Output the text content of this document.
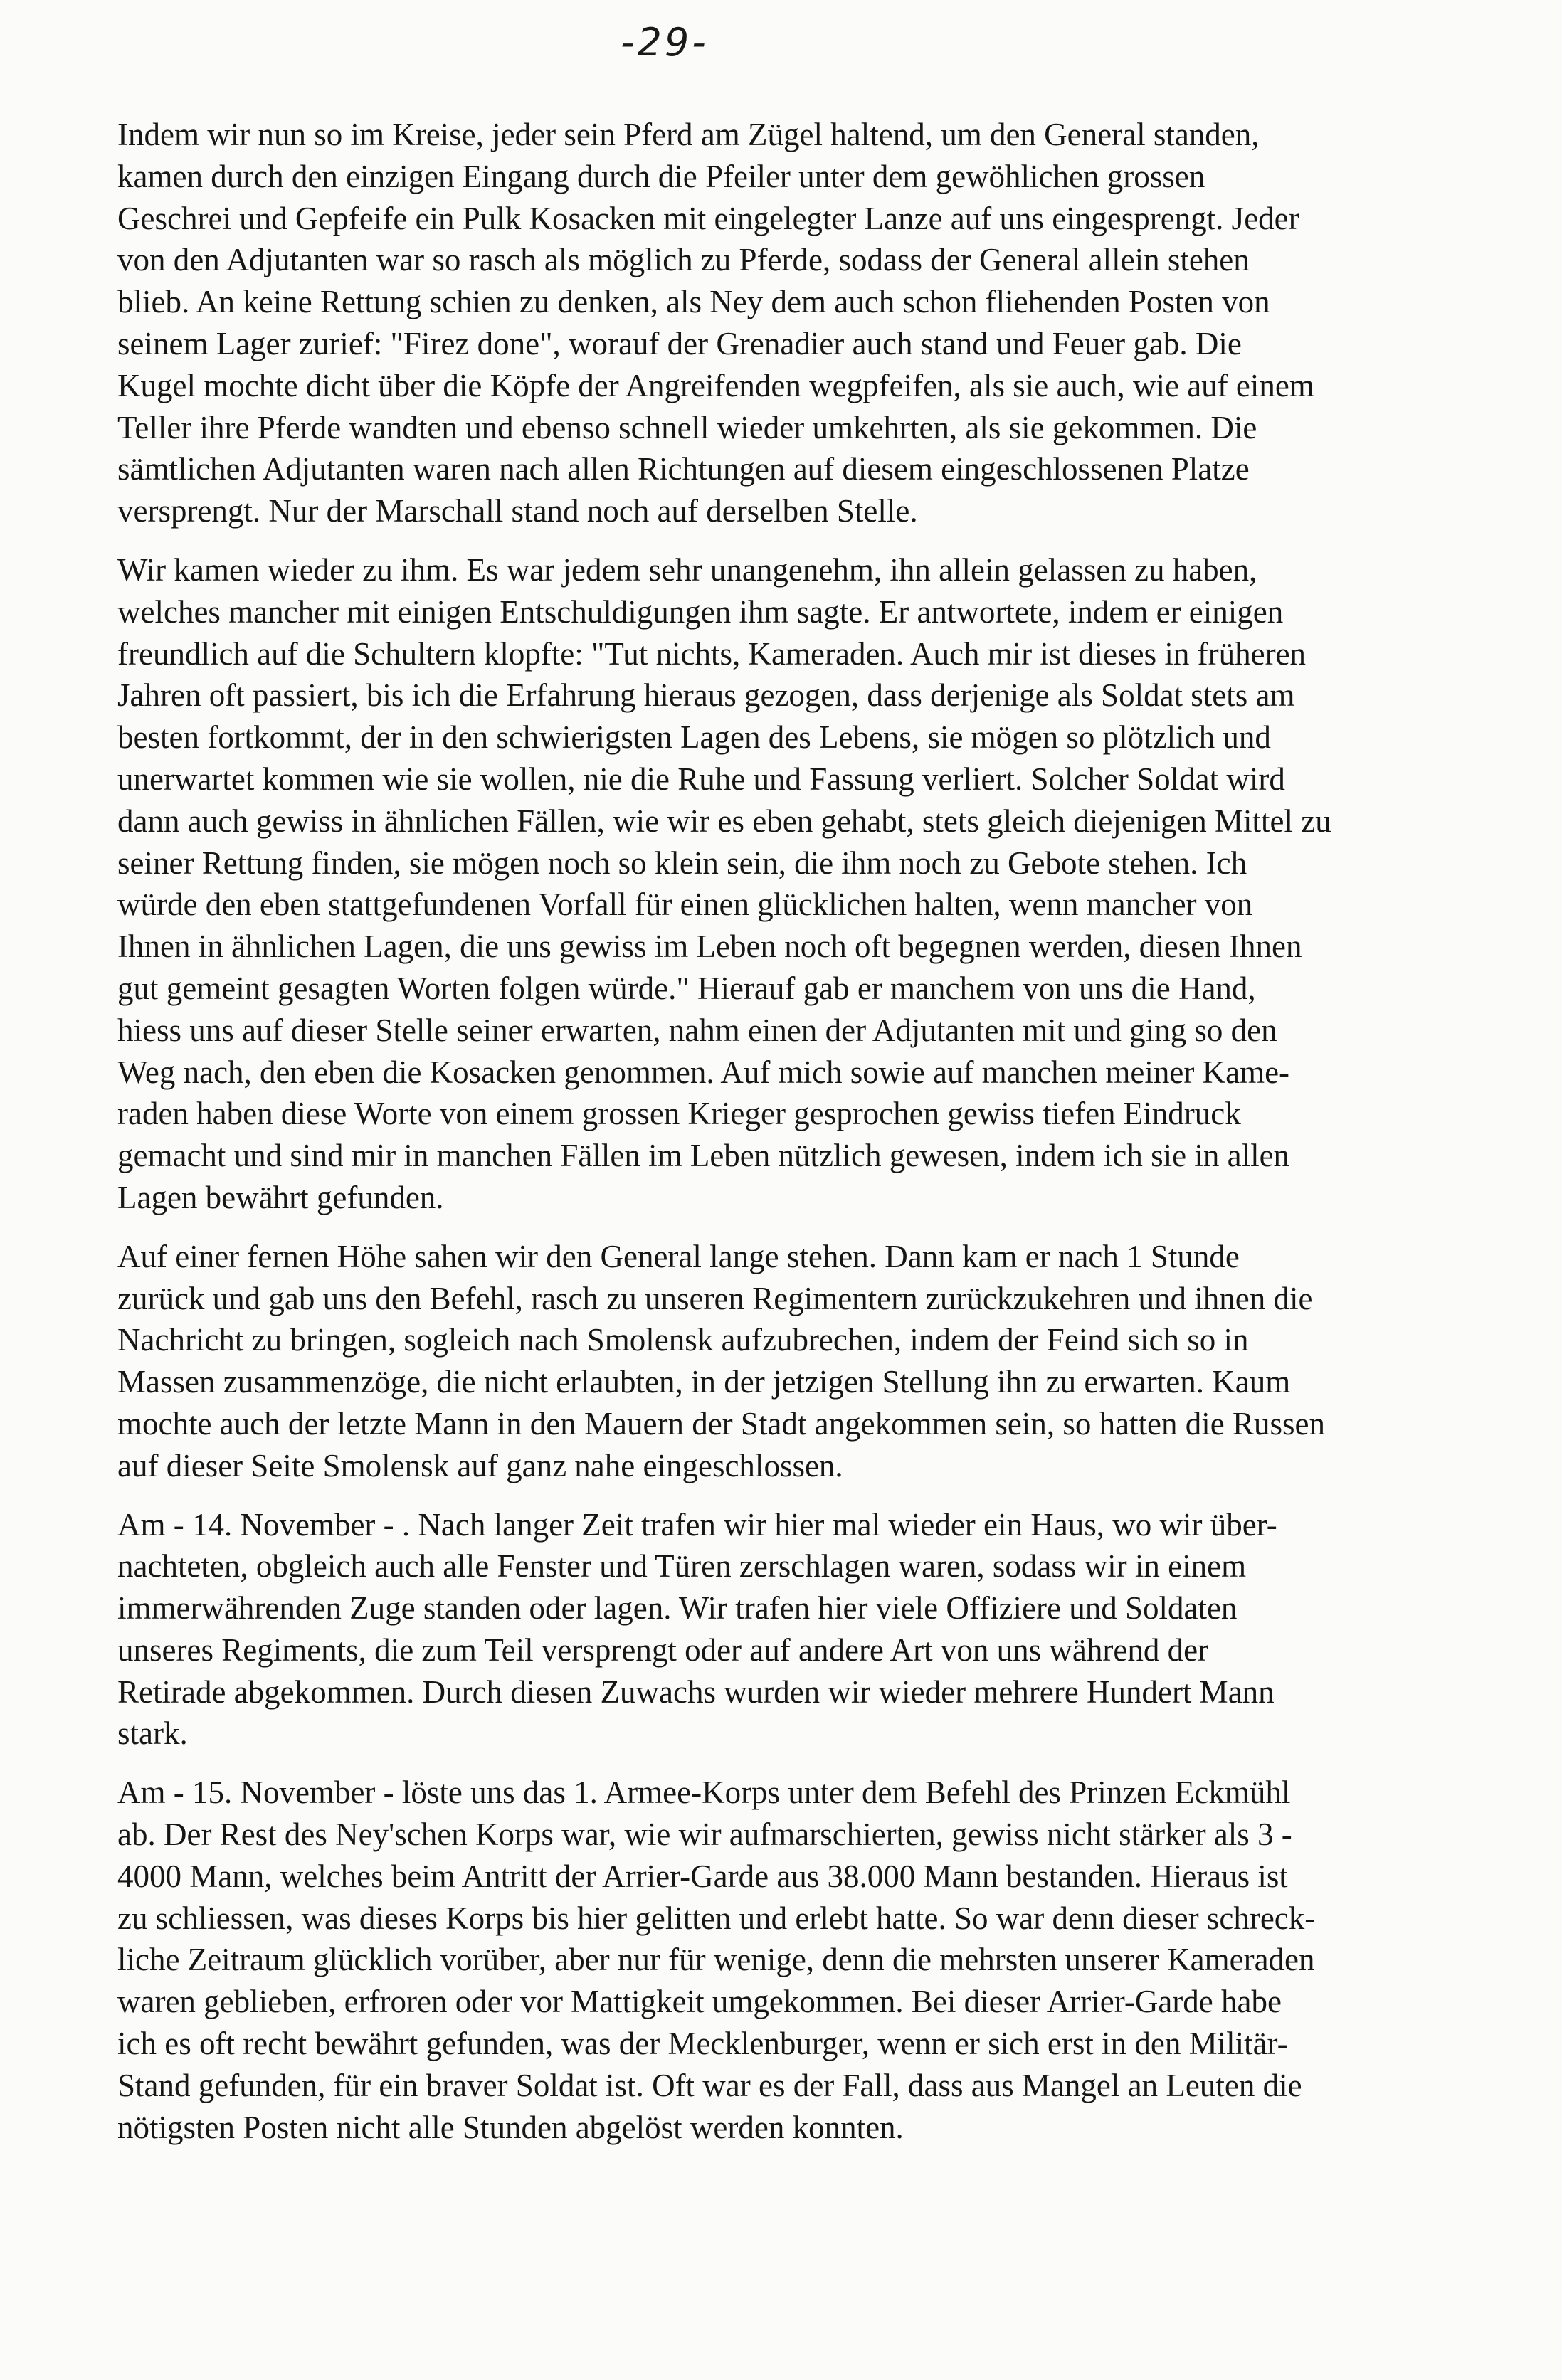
-29-
Indem wir nun so im Kreise, jeder sein Pferd am Zügel haltend, um den General standen,
kamen durch den einzigen Eingang durch die Pfeiler unter dem gewöhlichen grossen
Geschrei und Gepfeife ein Pulk Kosacken mit eingelegter Lanze auf uns eingesprengt. Jeder
von den Adjutanten war so rasch als möglich zu Pferde, sodass der General allein stehen
blieb. An keine Rettung schien zu denken, als Ney dem auch schon fliehenden Posten von
seinem Lager zurief: "Firez done", worauf der Grenadier auch stand und Feuer gab. Die
Kugel mochte dicht über die Köpfe der Angreifenden wegpfeifen, als sie auch, wie auf einem
Teller ihre Pferde wandten und ebenso schnell wieder umkehrten, als sie gekommen. Die
sämtlichen Adjutanten waren nach allen Richtungen auf diesem eingeschlossenen Platze
versprengt. Nur der Marschall stand noch auf derselben Stelle.
Wir kamen wieder zu ihm. Es war jedem sehr unangenehm, ihn allein gelassen zu haben,
welches mancher mit einigen Entschuldigungen ihm sagte. Er antwortete, indem er einigen
freundlich auf die Schultern klopfte: "Tut nichts, Kameraden. Auch mir ist dieses in früheren
Jahren oft passiert, bis ich die Erfahrung hieraus gezogen, dass derjenige als Soldat stets am
besten fortkommt, der in den schwierigsten Lagen des Lebens, sie mögen so plötzlich und
unerwartet kommen wie sie wollen, nie die Ruhe und Fassung verliert. Solcher Soldat wird
dann auch gewiss in ähnlichen Fällen, wie wir es eben gehabt, stets gleich diejenigen Mittel zu
seiner Rettung finden, sie mögen noch so klein sein, die ihm noch zu Gebote stehen. Ich
würde den eben stattgefundenen Vorfall für einen glücklichen halten, wenn mancher von
Ihnen in ähnlichen Lagen, die uns gewiss im Leben noch oft begegnen werden, diesen Ihnen
gut gemeint gesagten Worten folgen würde." Hierauf gab er manchem von uns die Hand,
hiess uns auf dieser Stelle seiner erwarten, nahm einen der Adjutanten mit und ging so den
Weg nach, den eben die Kosacken genommen. Auf mich sowie auf manchen meiner Kame-
raden haben diese Worte von einem grossen Krieger gesprochen gewiss tiefen Eindruck
gemacht und sind mir in manchen Fällen im Leben nützlich gewesen, indem ich sie in allen
Lagen bewährt gefunden.
Auf einer fernen Höhe sahen wir den General lange stehen. Dann kam er nach 1 Stunde
zurück und gab uns den Befehl, rasch zu unseren Regimentern zurückzukehren und ihnen die
Nachricht zu bringen, sogleich nach Smolensk aufzubrechen, indem der Feind sich so in
Massen zusammenzöge, die nicht erlaubten, in der jetzigen Stellung ihn zu erwarten. Kaum
mochte auch der letzte Mann in den Mauern der Stadt angekommen sein, so hatten die Russen
auf dieser Seite Smolensk auf ganz nahe eingeschlossen.
Am - 14. November - . Nach langer Zeit trafen wir hier mal wieder ein Haus, wo wir über-
nachteten, obgleich auch alle Fenster und Türen zerschlagen waren, sodass wir in einem
immerwährenden Zuge standen oder lagen. Wir trafen hier viele Offiziere und Soldaten
unseres Regiments, die zum Teil versprengt oder auf andere Art von uns während der
Retirade abgekommen. Durch diesen Zuwachs wurden wir wieder mehrere Hundert Mann
stark.
Am - 15. November - löste uns das 1. Armee-Korps unter dem Befehl des Prinzen Eckmühl
ab. Der Rest des Ney'schen Korps war, wie wir aufmarschierten, gewiss nicht stärker als 3 -
4000 Mann, welches beim Antritt der Arrier-Garde aus 38.000 Mann bestanden. Hieraus ist
zu schliessen, was dieses Korps bis hier gelitten und erlebt hatte. So war denn dieser schreck-
liche Zeitraum glücklich vorüber, aber nur für wenige, denn die mehrsten unserer Kameraden
waren geblieben, erfroren oder vor Mattigkeit umgekommen. Bei dieser Arrier-Garde habe
ich es oft recht bewährt gefunden, was der Mecklenburger, wenn er sich erst in den Militär-
Stand gefunden, für ein braver Soldat ist. Oft war es der Fall, dass aus Mangel an Leuten die
nötigsten Posten nicht alle Stunden abgelöst werden konnten.
